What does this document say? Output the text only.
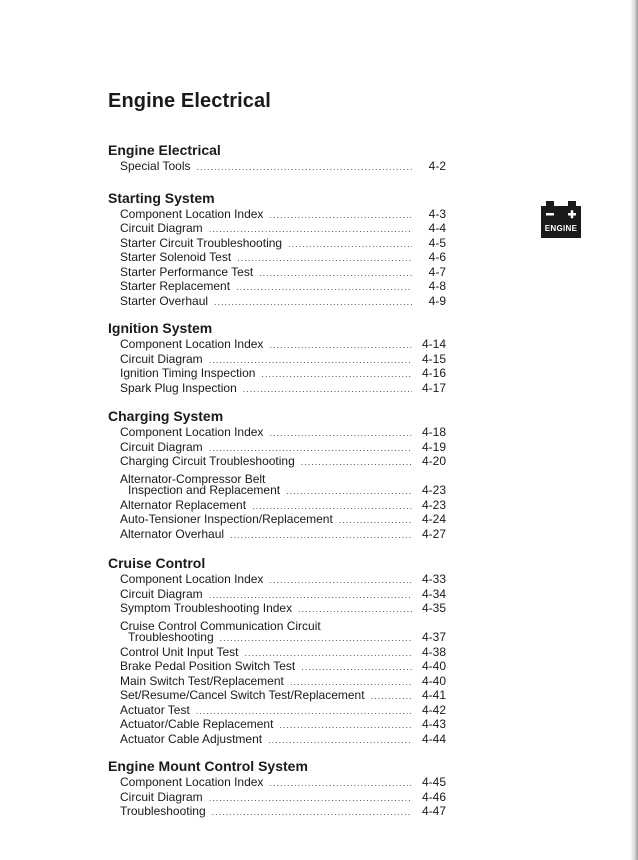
Engine Electrical
Engine Electrical
Special Tools .....	4-2
Starting System
Component Location Index .....	4-3
Circuit Diagram .....	4-4
Starter Circuit Troubleshooting .....	4-5
Starter Solenoid Test .....	4-6
Starter Performance Test .....	4-7
Starter Replacement .....	4-8
Starter Overhaul .....	4-9
Ignition System
Component Location Index .....	4-14
Circuit Diagram .....	4-15
Ignition Timing Inspection .....	4-16
Spark Plug Inspection .....	4-17
Charging System
Component Location Index .....	4-18
Circuit Diagram .....	4-19
Charging Circuit Troubleshooting .....	4-20
Alternator-Compressor Belt
Inspection and Replacement .....	4-23
Alternator Replacement .....	4-23
Auto-Tensioner Inspection/Replacement .....	4-24
Alternator Overhaul .....	4-27
Cruise Control
Component Location Index .....	4-33
Circuit Diagram .....	4-34
Symptom Troubleshooting Index .....	4-35
Cruise Control Communication Circuit
Troubleshooting .....	4-37
Control Unit Input Test .....	4-38
Brake Pedal Position Switch Test .....	4-40
Main Switch Test/Replacement .....	4-40
Set/Resume/Cancel Switch Test/Replacement .....	4-41
Actuator Test .....	4-42
Actuator/Cable Replacement .....	4-43
Actuator Cable Adjustment .....	4-44
Engine Mount Control System
Component Location Index .....	4-45
Circuit Diagram .....	4-46
Troubleshooting .....	4-47
ENGINE
